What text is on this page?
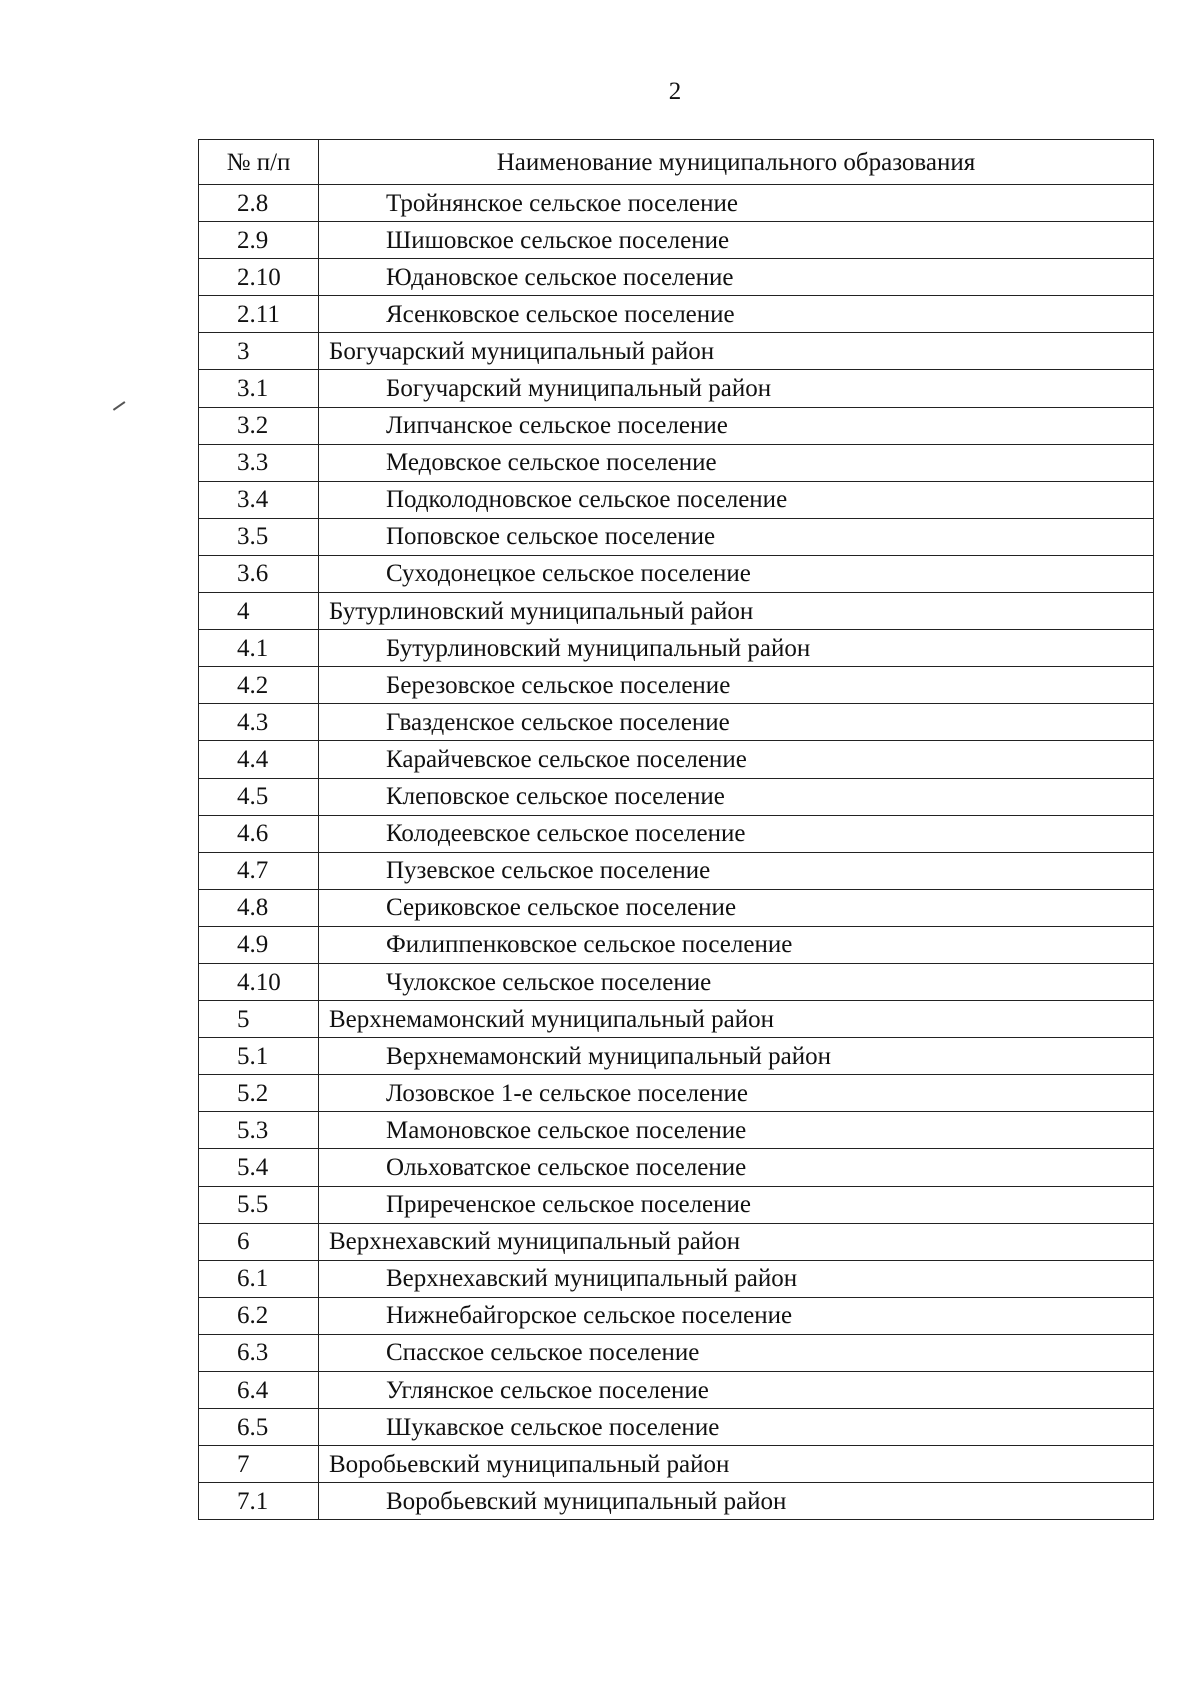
2
№ п/п	Наименование муниципального образования
2.8	Тройнянское сельское поселение
2.9	Шишовское сельское поселение
2.10	Юдановское сельское поселение
2.11	Ясенковское сельское поселение
3	Богучарский муниципальный район
3.1	Богучарский муниципальный район
3.2	Липчанское сельское поселение
3.3	Медовское сельское поселение
3.4	Подколодновское сельское поселение
3.5	Поповское сельское поселение
3.6	Суходонецкое сельское поселение
4	Бутурлиновский муниципальный район
4.1	Бутурлиновский муниципальный район
4.2	Березовское сельское поселение
4.3	Гвазденское сельское поселение
4.4	Карайчевское сельское поселение
4.5	Клеповское сельское поселение
4.6	Колодеевское сельское поселение
4.7	Пузевское сельское поселение
4.8	Сериковское сельское поселение
4.9	Филиппенковское сельское поселение
4.10	Чулокское сельское поселение
5	Верхнемамонский муниципальный район
5.1	Верхнемамонский муниципальный район
5.2	Лозовское 1-е сельское поселение
5.3	Мамоновское сельское поселение
5.4	Ольховатское сельское поселение
5.5	Приреченское сельское поселение
6	Верхнехавский муниципальный район
6.1	Верхнехавский муниципальный район
6.2	Нижнебайгорское сельское поселение
6.3	Спасское сельское поселение
6.4	Углянское сельское поселение
6.5	Шукавское сельское поселение
7	Воробьевский муниципальный район
7.1	Воробьевский муниципальный район
